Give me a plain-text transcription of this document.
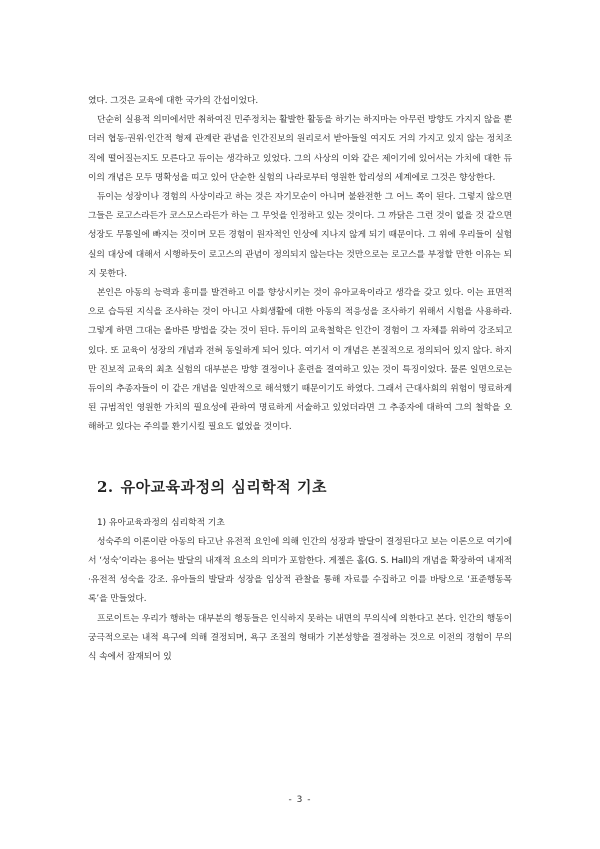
였다. 그것은 교육에 대한 국가의 간섭이었다.

단순히 실용적 의미에서만 취하여진 민주정치는 활발한 활동을 하기는 하지마는 아무런 방향도 가지지 않을 뿐더러 협동·권위·인간적 형제 관계란 관념을 인간진보의 원리로서 받아들일 여지도 거의 가지고 있지 않는 정치조직에 떨어질는지도 모른다고 듀이는 생각하고 있었다. 그의 사상의 이와 같은 제이기에 있어서는 가치에 대한 듀이의 개념은 모두 명확성을 띠고 있어 단순한 실험의 나라로부터 영원한 합리성의 세계에로 그것은 향상한다.

듀이는 성장이나 경험의 사상이라고 하는 것은 자기모순이 아니며 불완전한 그 어느 쪽이 된다. 그렇지 않으면 그들은 로고스라든가 코스모스라든가 하는 그 무엇을 인정하고 있는 것이다. 그 까닭은 그런 것이 없을 것 같으면 성장도 무통일에 빠지는 것이며 모든 경험이 원자적인 인상에 지나지 않게 되기 때문이다. 그 위에 우리들이 실험실의 대상에 대해서 시행하듯이 로고스의 관념이 정의되지 않는다는 것만으로는 로고스를 부정할 만한 이유는 되지 못한다.

본인은 아동의 능력과 흥미를 발견하고 이를 향상시키는 것이 유아교육이라고 생각을 갖고 있다. 이는 표면적으로 습득된 지식을 조사하는 것이 아니고 사회생활에 대한 아동의 적응성을 조사하기 위해서 시험을 사용하라. 그렇게 하면 그대는 올바른 방법을 갖는 것이 된다. 듀이의 교육철학은 인간이 경험이 그 자체를 위하여 강조되고 있다. 또 교육이 성장의 개념과 전혀 동일하게 되어 있다. 여기서 이 개념은 본질적으로 정의되어 있지 않다. 하지만 진보적 교육의 최초 실험의 대부분은 방향 결정이나 훈련을 결여하고 있는 것이 특징이었다. 물론 일면으로는 듀이의 추종자들이 이 같은 개념을 일반적으로 해석했기 때문이기도 하였다. 그래서 근대사회의 위험이 명료하게 된 규범적인 영원한 가치의 필요성에 관하여 명료하게 서술하고 있었더라면 그 추종자에 대하여 그의 철학을 오해하고 있다는 주의를 환기시킬 필요도 없었을 것이다.

2. 유아교육과정의 심리학적 기초
1) 유아교육과정의 심리학적 기초

성숙주의 이론이란 아동의 타고난 유전적 요인에 의해 인간의 성장과 발달이 결정된다고 보는 이론으로 여기에서 ‘성숙’이라는 용어는 발달의 내재적 요소의 의미가 포함한다. 게젤은 홀(G. S. Hall)의 개념을 확장하여 내재적·유전적 성숙을 강조. 유아들의 발달과 성장을 임상적 관찰을 통해 자료를 수집하고 이를 바탕으로 ‘표준행동목록’을 만들었다.

프로이트는 우리가 행하는 대부분의 행동들은 인식하지 못하는 내면의 무의식에 의한다고 본다. 인간의 행동이 궁극적으로는 내적 욕구에 의해 결정되며, 욕구 조절의 형태가 기본성향을 결정하는 것으로 이전의 경험이 무의식 속에서 잠재되어 있

- 3 -
